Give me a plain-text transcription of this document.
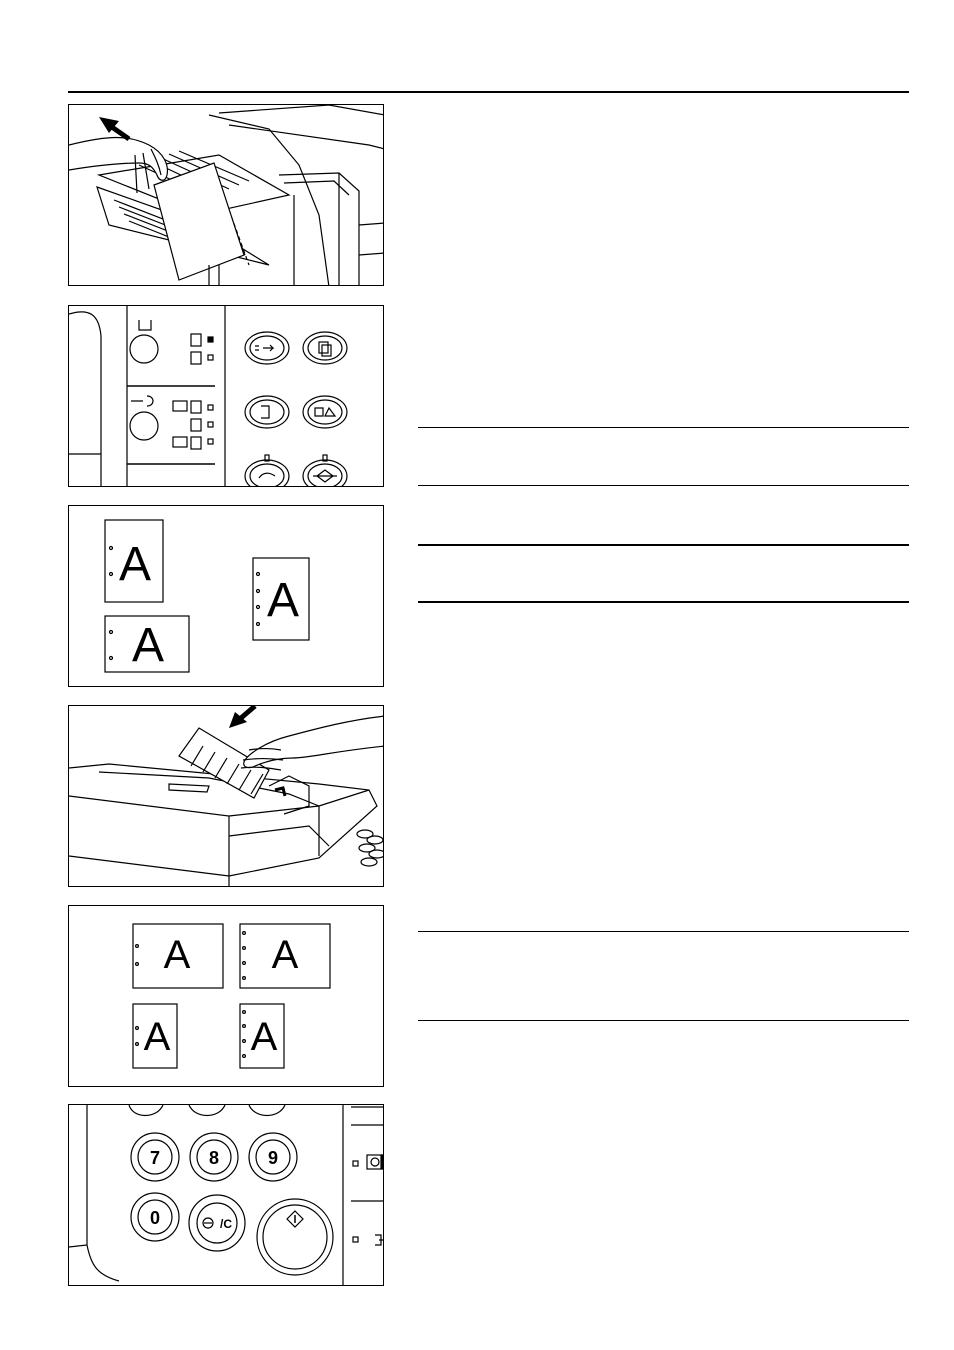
A
A
A
A A
A A
7	8	9
0	/C
